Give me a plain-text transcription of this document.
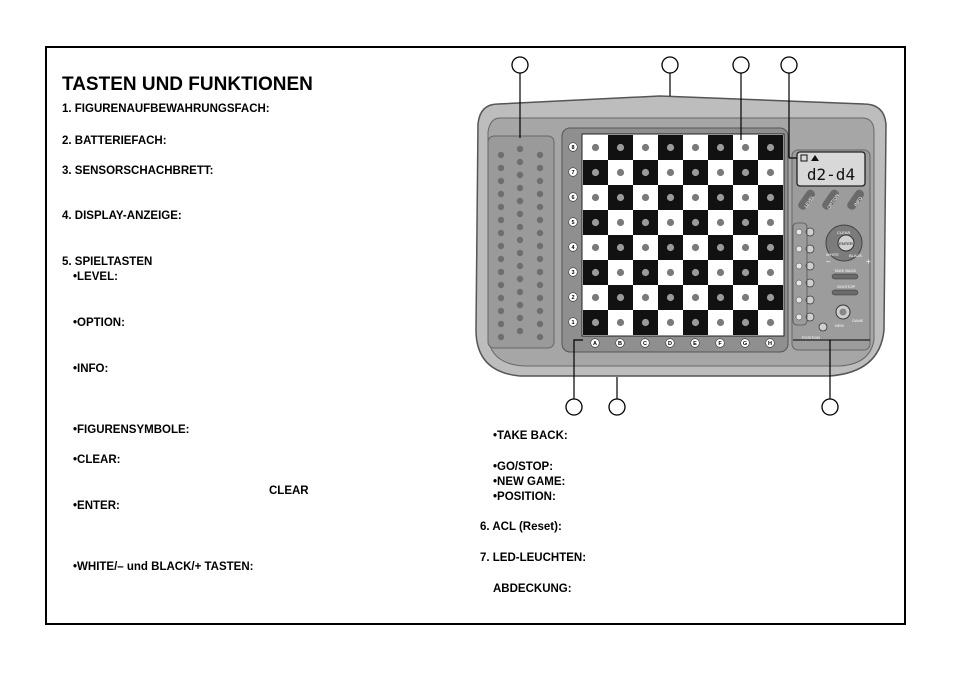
TASTEN UND FUNKTIONEN
1. FIGURENAUFBEWAHRUNGSFACH:
2. BATTERIEFACH:
3. SENSORSCHACHBRETT:
4. DISPLAY-ANZEIGE:
5. SPIELTASTEN
• LEVEL:
• OPTION:
• INFO:
• FIGURENSYMBOLE:
• CLEAR:
CLEAR
• ENTER:
• WHITE/– und BLACK/+ TASTEN:
• TAKE BACK:
• GO/STOP:
• NEW GAME:
• POSITION:
6. ACL (Reset):
7. LED-LEUCHTEN:
ABDECKUNG:
8
7
6
5
4
3
2
1
A	B	C	D	E	F	G	H
d2-d4
LEVEL OPTION	INFO
ENTER
CLEAR
WHITE	BLACK
–	+
TAKE BACK
GO/STOP
NEW
GAME
POSITION
